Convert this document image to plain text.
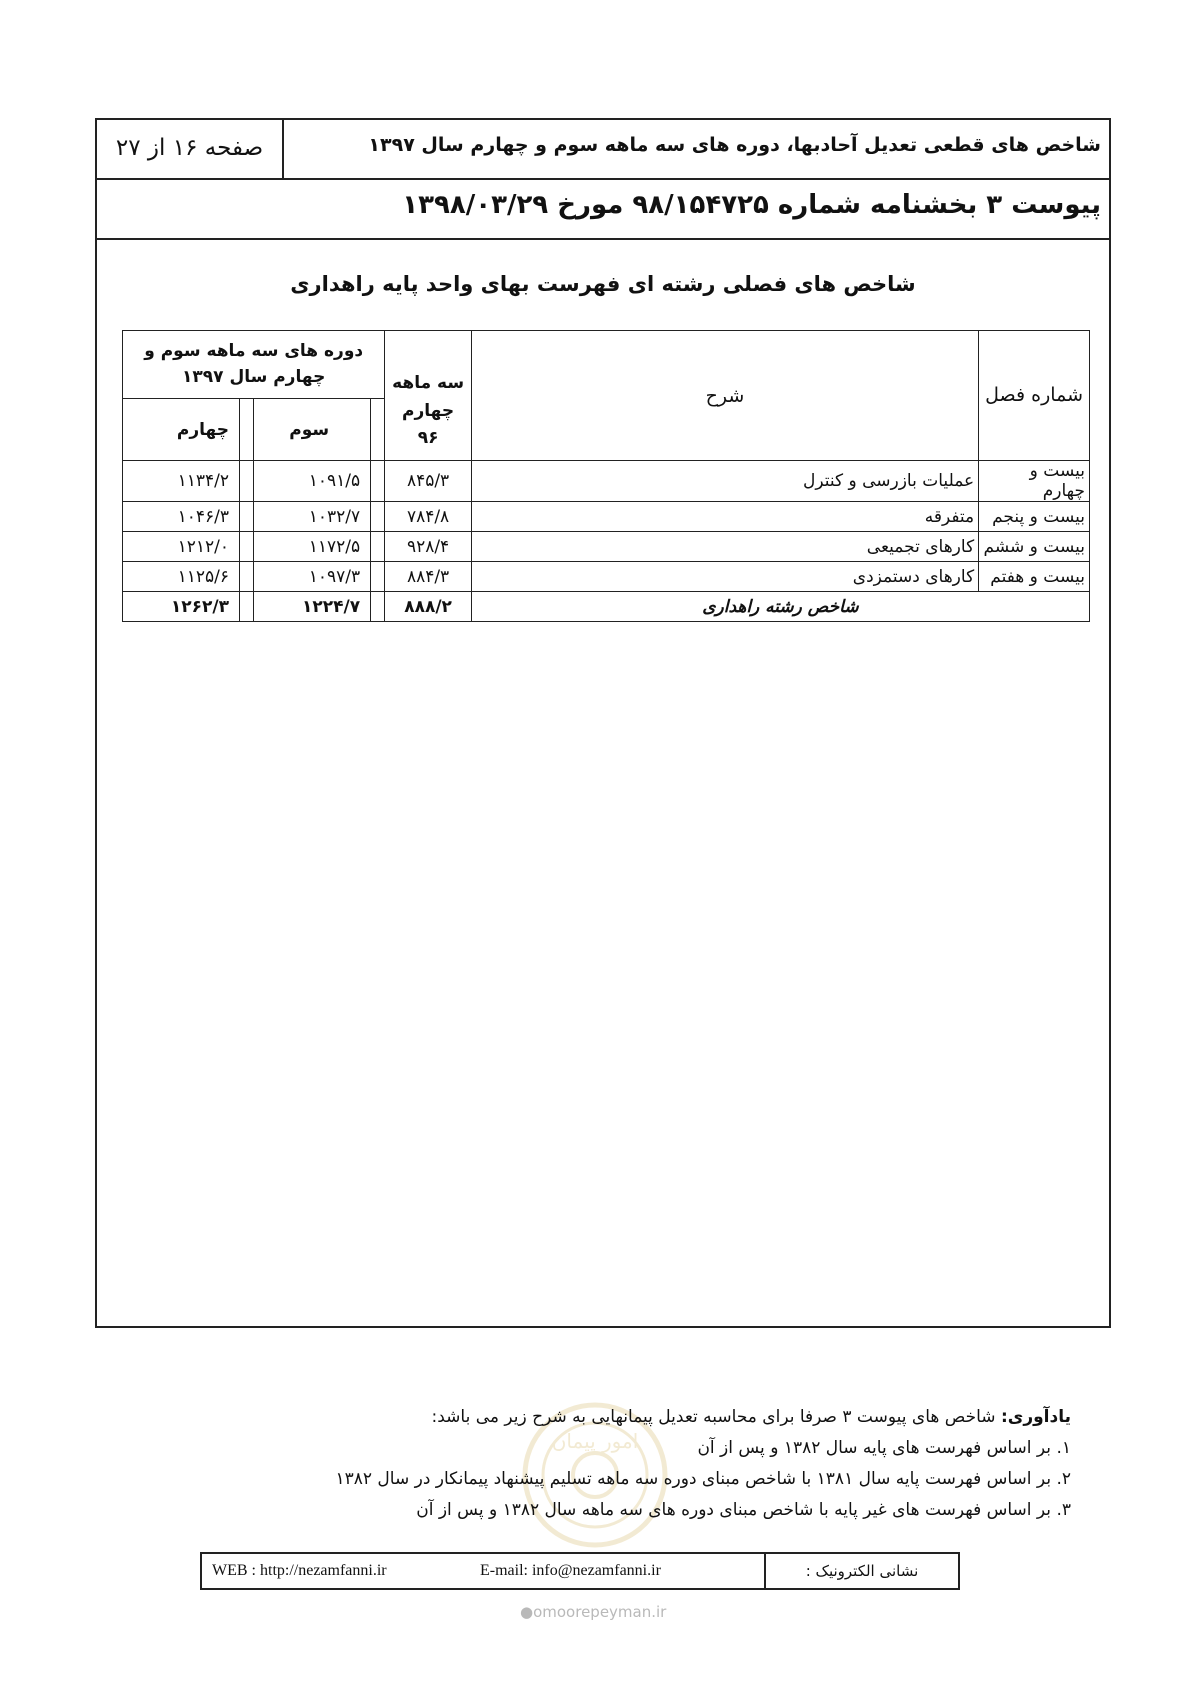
شاخص های قطعی تعدیل آحادبها، دوره های سه ماهه سوم و چهارم سال ۱۳۹۷
صفحه ۱۶ از ۲۷
پیوست ۳ بخشنامه شماره ۹۸/۱۵۴۷۲۵ مورخ ۱۳۹۸/۰۳/۲۹
شاخص های فصلی رشته ای فهرست بهای واحد پایه راهداری
شماره فصل	شرح	سه ماهه چهارم ۹۶	دوره های سه ماهه سوم و چهارم سال ۱۳۹۷			
				سوم		چهارم
بیست و چهارم	عملیات بازرسی و کنترل	۸۴۵/۳		۱۰۹۱/۵		۱۱۳۴/۲
بیست و پنجم	متفرقه	۷۸۴/۸		۱۰۳۲/۷		۱۰۴۶/۳
بیست و ششم	کارهای تجمیعی	۹۲۸/۴		۱۱۷۲/۵		۱۲۱۲/۰
بیست و هفتم	کارهای دستمزدی	۸۸۴/۳		۱۰۹۷/۳		۱۱۲۵/۶
شاخص رشته راهداری		۸۸۸/۲		۱۲۲۴/۷		۱۲۶۲/۳
امور پیمان
یادآوری: شاخص های پیوست ۳ صرفا برای محاسبه تعدیل پیمانهایی به شرح زیر می باشد:
۱. بر اساس فهرست های پایه سال ۱۳۸۲ و پس از آن
۲. بر اساس فهرست پایه سال ۱۳۸۱ با شاخص مبنای دوره سه ماهه تسلیم پیشنهاد پیمانکار در سال ۱۳۸۲
۳. بر اساس فهرست های غیر پایه با شاخص مبنای دوره های سه ماهه سال ۱۳۸۲ و پس از آن
WEB : http://nezamfanni.ir	E-mail: info@nezamfanni.ir	نشانی الکترونیک :
●omoorepeyman.ir
